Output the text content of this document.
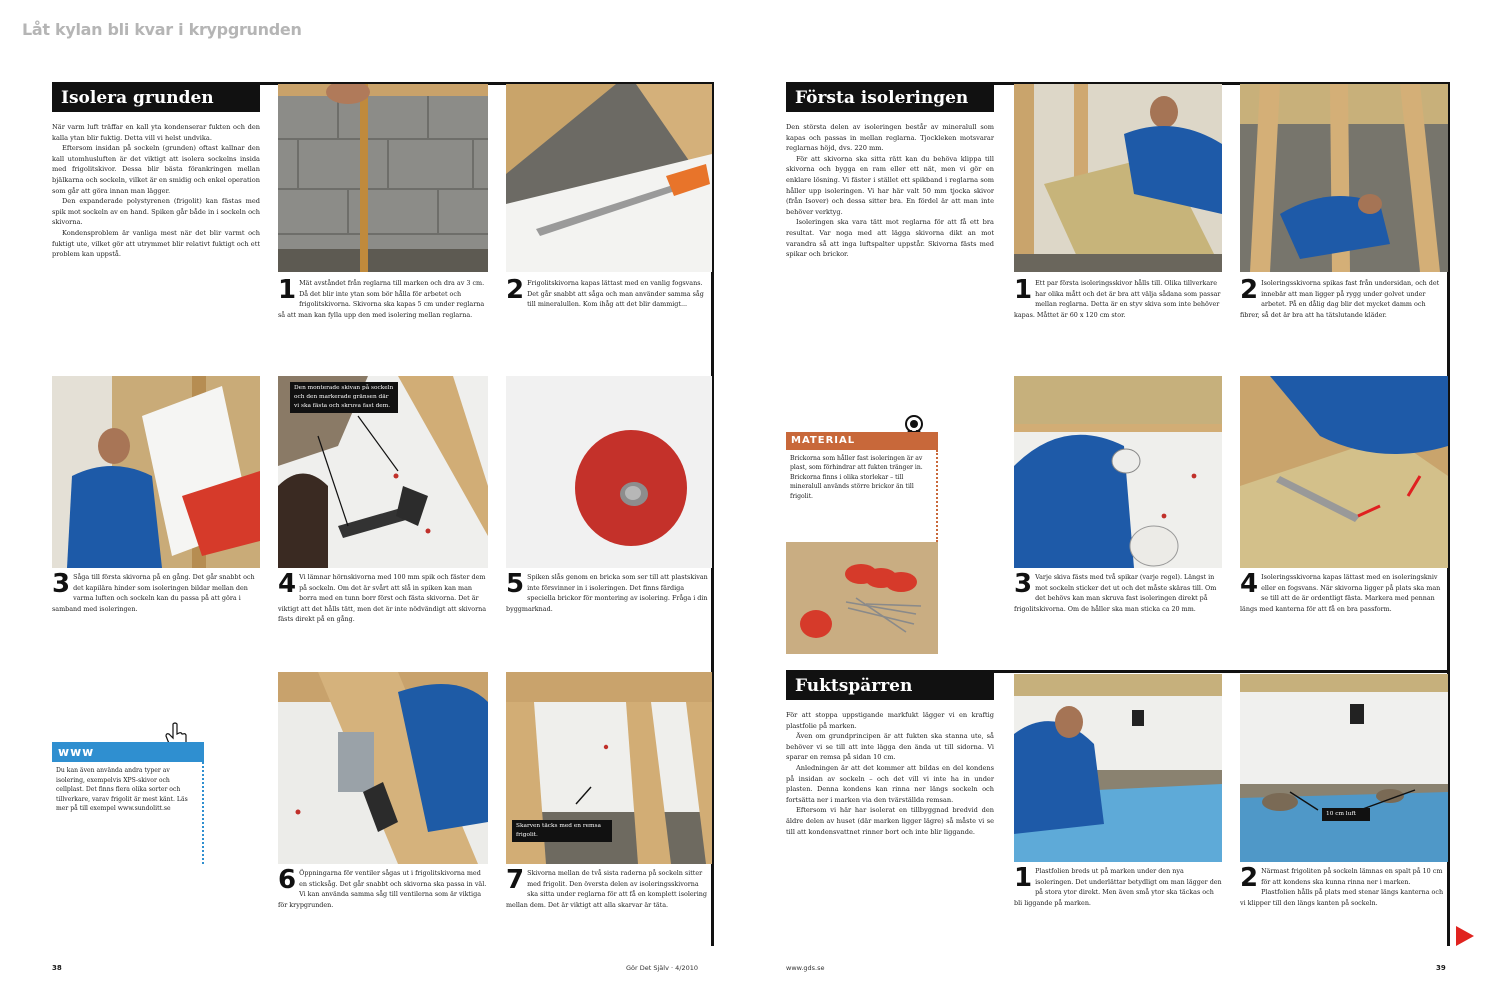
Låt kylan bli kvar i krypgrunden
Isolera grunden

När varm luft träffar en kall yta kondenserar fukten och den kalla ytan blir fuktig. Detta vill vi helst undvika.

Eftersom insidan på sockeln (grunden) oftast kallnar den kall utomhusluften är det viktigt att isolera sockelns insida med frigolitskivor. Dessa blir bästa förankringen mellan bjälkarna och sockeln, vilket är en smidig och enkel operation som går att göra innan man lägger.

Den expanderade polystyrenen (frigolit) kan fästas med spik mot sockeln av en hand. Spiken går både in i sockeln och skivorna.

Kondensproblem är vanliga mest när det blir varmt och fuktigt ute, vilket gör att utrymmet blir relativt fuktigt och ett problem kan uppstå.

1 Mät avståndet från reglarna till marken och dra av 3 cm. Då det blir inte ytan som bör hålla för arbetet och frigolitskivorna. Skivorna ska kapas 5 cm under reglarna så att man kan fylla upp den med isolering mellan reglarna.
2 Frigolitskivorna kapas lättast med en vanlig fogsvans. Det går snabbt att såga och man använder samma såg till mineralullen. Kom ihåg att det blir dammigt...
Den monterade skivan på sockeln och den markerade gränsen där vi ska fästa och skruva fast dem.
3 Såga till första skivorna på en gång. Det går snabbt och det kapilära hinder som isoleringen bildar mellan den varma luften och sockeln kan du passa på att göra i samband med isoleringen.
4 Vi lämnar hörnskivorna med 100 mm spik och fäster dem på sockeln. Om det är svårt att slå in spiken kan man borra med en tunn borr först och fästa skivorna. Det är viktigt att det hålls tätt, men det är inte nödvändigt att skivorna fästs direkt på en gång.
5 Spiken slås genom en bricka som ser till att plastskivan inte försvinner in i isoleringen. Det finns färdiga speciella brickor för montering av isolering. Fråga i din byggmarknad.
Skarven täcks med en remsa frigolit.
6 Öppningarna för ventiler sågas ut i frigolitskivorna med en sticksåg. Det går snabbt och skivorna ska passa in väl. Vi kan använda samma såg till ventilerna som är viktiga för krypgrunden.
7 Skivorna mellan de två sista raderna på sockeln sitter med frigolit. Den översta delen av isoleringsskivorna ska sitta under reglarna för att få en komplett isolering mellan dem. Det är viktigt att alla skarvar är täta.
www
Du kan även använda andra typer av isolering, exempelvis XPS-skivor och cellplast. Det finns flera olika sorter och tillverkare, varav frigolit är mest känt. Läs mer på till exempel www.sundolitt.se
38	Gör Det Själv · 4/2010
Första isoleringen

Den största delen av isoleringen består av mineralull som kapas och passas in mellan reglarna. Tjockleken motsvarar reglarnas höjd, dvs. 220 mm.

För att skivorna ska sitta rätt kan du behöva klippa till skivorna och bygga en ram eller ett nät, men vi gör en enklare lösning. Vi fäster i stället ett spikband i reglarna som håller upp isoleringen. Vi har här valt 50 mm tjocka skivor (från Isover) och dessa sitter bra. En fördel är att man inte behöver verktyg.

Isoleringen ska vara tätt mot reglarna för att få ett bra resultat. Var noga med att lägga skivorna dikt an mot varandra så att inga luftspalter uppstår. Skivorna fästs med spikar och brickor.

1 Ett par första isoleringsskivor hålls till. Olika tillverkare har olika mått och det är bra att välja sådana som passar mellan reglarna. Detta är en styv skiva som inte behöver kapas. Måttet är 60 x 120 cm stor.
2 Isoleringsskivorna spikas fast från undersidan, och det innebär att man ligger på rygg under golvet under arbetet. På en dålig dag blir det mycket damm och fibrer, så det är bra att ha tätslutande kläder.
MATERIAL
Brickorna som håller fast isoleringen är av plast, som förhindrar att fukten tränger in. Brickorna finns i olika storlekar – till mineralull används större brickor än till frigolit.
3 Varje skiva fästs med två spikar (varje regel). Längst in mot sockeln sticker det ut och det måste skäras till. Om det behövs kan man skruva fast isoleringen direkt på frigolitskivorna. Om de håller ska man sticka ca 20 mm.
4 Isoleringsskivorna kapas lättast med en isoleringskniv eller en fogsvans. När skivorna ligger på plats ska man se till att de är ordentligt fästa. Markera med pennan längs med kanterna för att få en bra passform.
Fuktspärren

För att stoppa uppstigande markfukt lägger vi en kraftig plastfolie på marken.

Även om grundprincipen är att fukten ska stanna ute, så behöver vi se till att inte lägga den ända ut till sidorna. Vi sparar en remsa på sidan 10 cm.

Anledningen är att det kommer att bildas en del kondens på insidan av sockeln – och det vill vi inte ha in under plasten. Denna kondens kan rinna ner längs sockeln och fortsätta ner i marken via den tvärställda remsan.

Eftersom vi här har isolerat en tillbyggnad bredvid den äldre delen av huset (där marken ligger lägre) så måste vi se till att kondensvattnet rinner bort och inte blir liggande.

10 cm luft
1 Plastfolien breds ut på marken under den nya isoleringen. Det underlättar betydligt om man lägger den på stora ytor direkt. Men även små ytor ska täckas och bli liggande på marken.
2 Närmast frigoliten på sockeln lämnas en spalt på 10 cm för att kondens ska kunna rinna ner i marken. Plastfolien hålls på plats med stenar längs kanterna och vi klipper till den längs kanten på sockeln.
www.gds.se	39
